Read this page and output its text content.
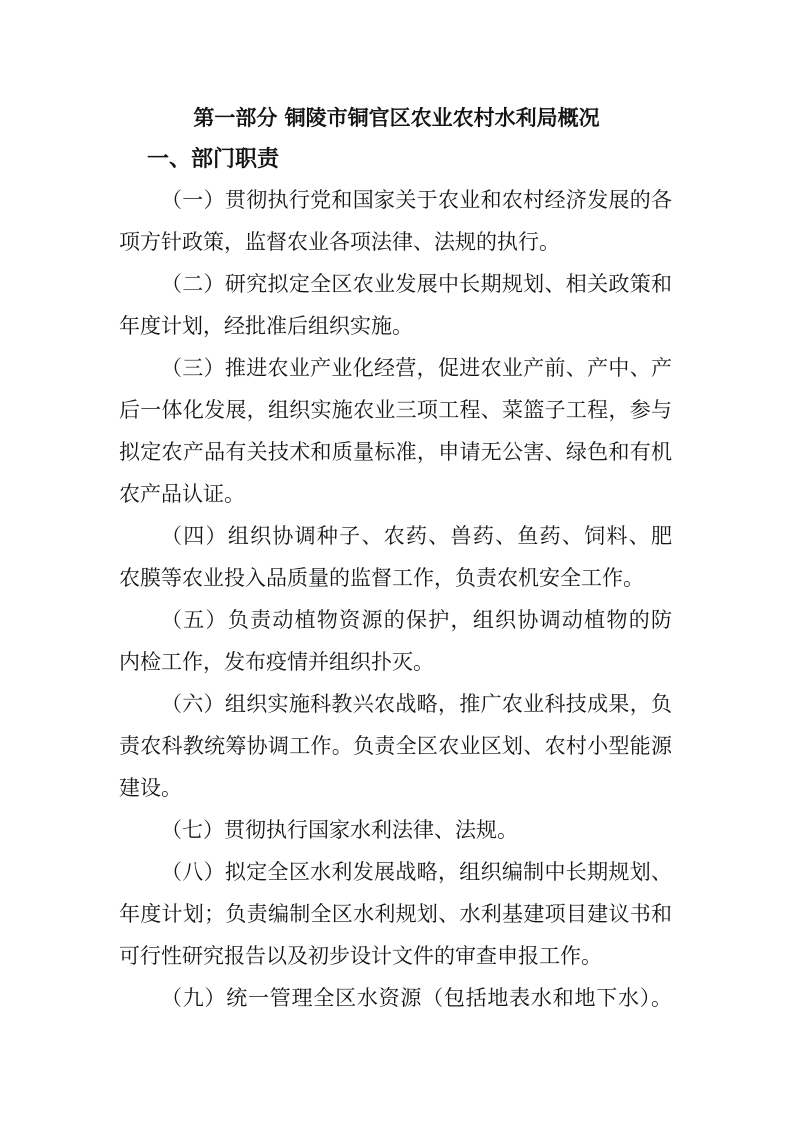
第一部分 铜陵市铜官区农业农村水利局概况
一、部门职责
（一）贯彻执行党和国家关于农业和农村经济发展的各
项方针政策，监督农业各项法律、法规的执行。
（二）研究拟定全区农业发展中长期规划、相关政策和
年度计划，经批准后组织实施。
（三）推进农业产业化经营，促进农业产前、产中、产
后一体化发展，组织实施农业三项工程、菜篮子工程，参与
拟定农产品有关技术和质量标准，申请无公害、绿色和有机
农产品认证。
（四）组织协调种子、农药、兽药、鱼药、饲料、肥
农膜等农业投入品质量的监督工作，负责农机安全工作。
（五）负责动植物资源的保护，组织协调动植物的防
内检工作，发布疫情并组织扑灭。
（六）组织实施科教兴农战略，推广农业科技成果，负
责农科教统筹协调工作。负责全区农业区划、农村小型能源
建设。
（七）贯彻执行国家水利法律、法规。
（八）拟定全区水利发展战略，组织编制中长期规划、
年度计划；负责编制全区水利规划、水利基建项目建议书和
可行性研究报告以及初步设计文件的审查申报工作。
（九）统一管理全区水资源（包括地表水和地下水）。
